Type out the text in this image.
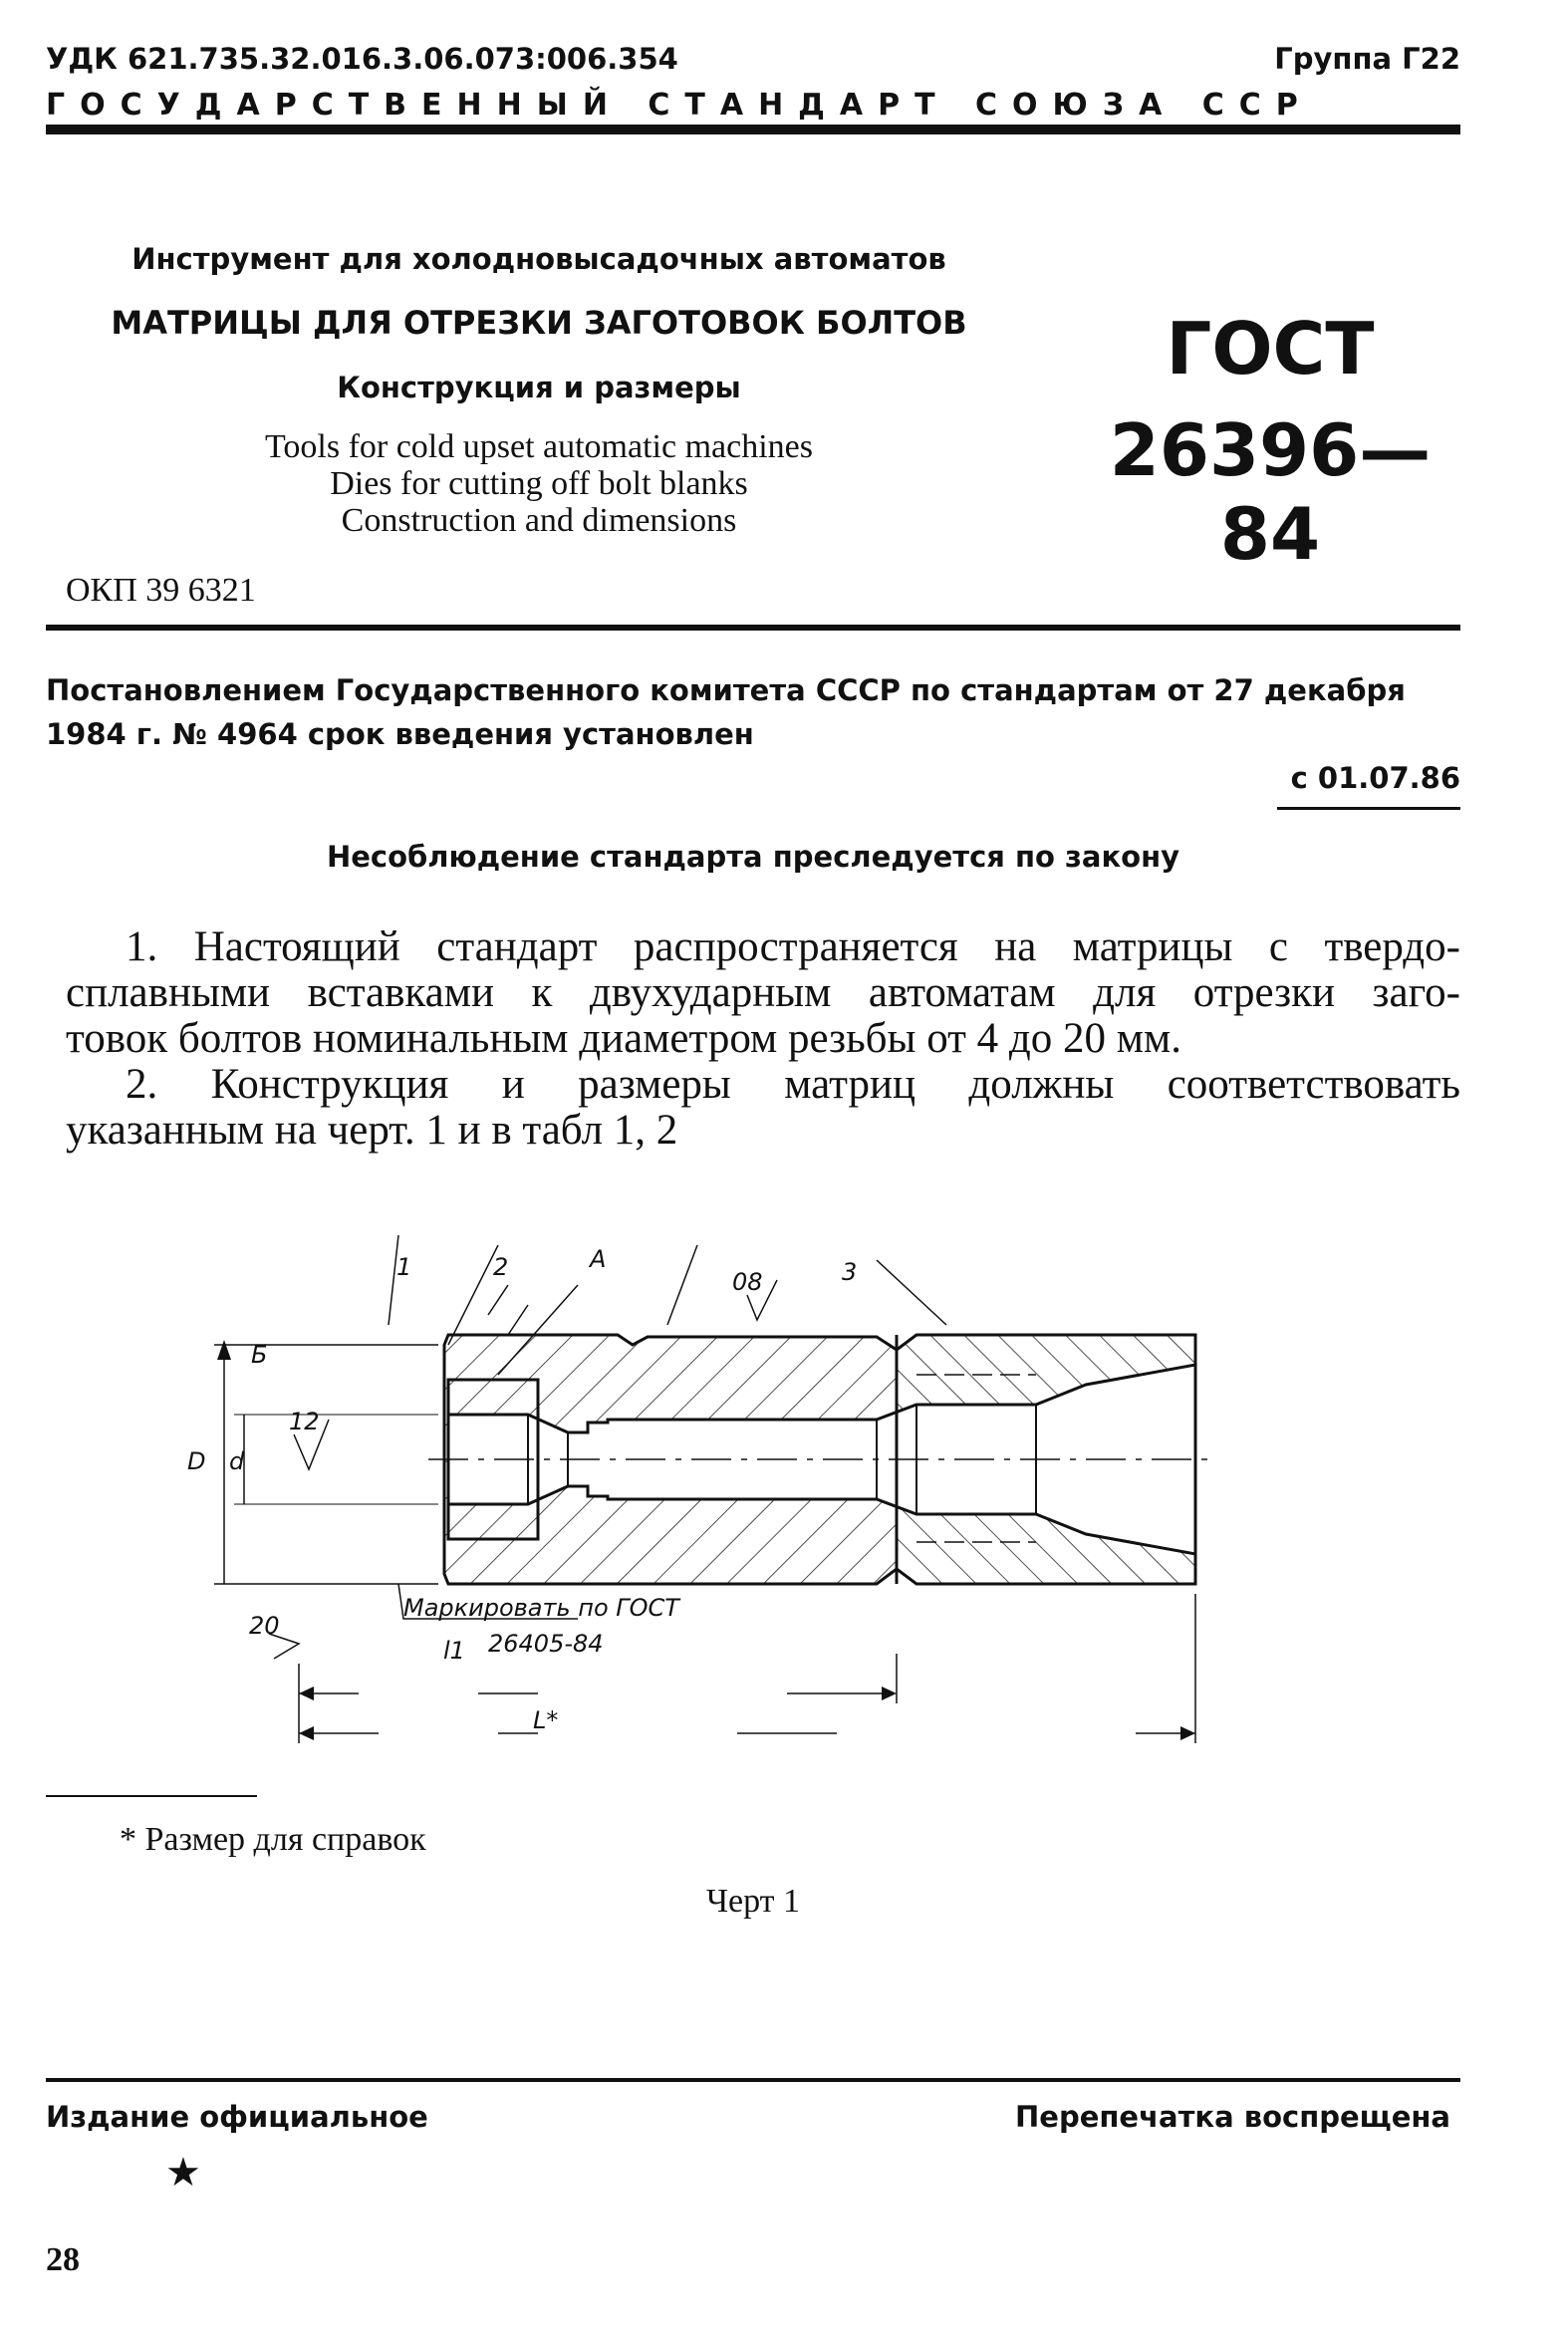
УДК 621.735.32.016.3.06.073:006.354	Группа Г22
ГОСУДАРСТВЕННЫЙ СТАНДАРТ СОЮЗА ССР
Инструмент для холодновысадочных автоматов
МАТРИЦЫ ДЛЯ ОТРЕЗКИ ЗАГОТОВОК БОЛТОВ
Конструкция и размеры
Tools for cold upset automatic machines
Dies for cutting off bolt blanks
Construction and dimensions
ГОСТ
26396—84
ОКП 39 6321
Постановлением Государственного комитета СССР по стандартам от 27 декабря
1984 г. № 4964 срок введения установлен
с 01.07.86
Несоблюдение стандарта преследуется по закону
1. Настоящий стандарт распространяется на матрицы с твердо-
сплавными вставками к двухударным автоматам для отрезки заго-
товок болтов номинальным диаметром резьбы от 4 до 20 мм.
2. Конструкция и размеры матриц должны соответствовать
указанным на черт. 1 и в табл 1, 2
1	2	А
08	3
Б
D d
12
20
Маркировать по ГОСТ
26405-84
l1
L*
* Размер для справок
Черт 1
Издание официальное	Перепечатка воспрещена
★
28
